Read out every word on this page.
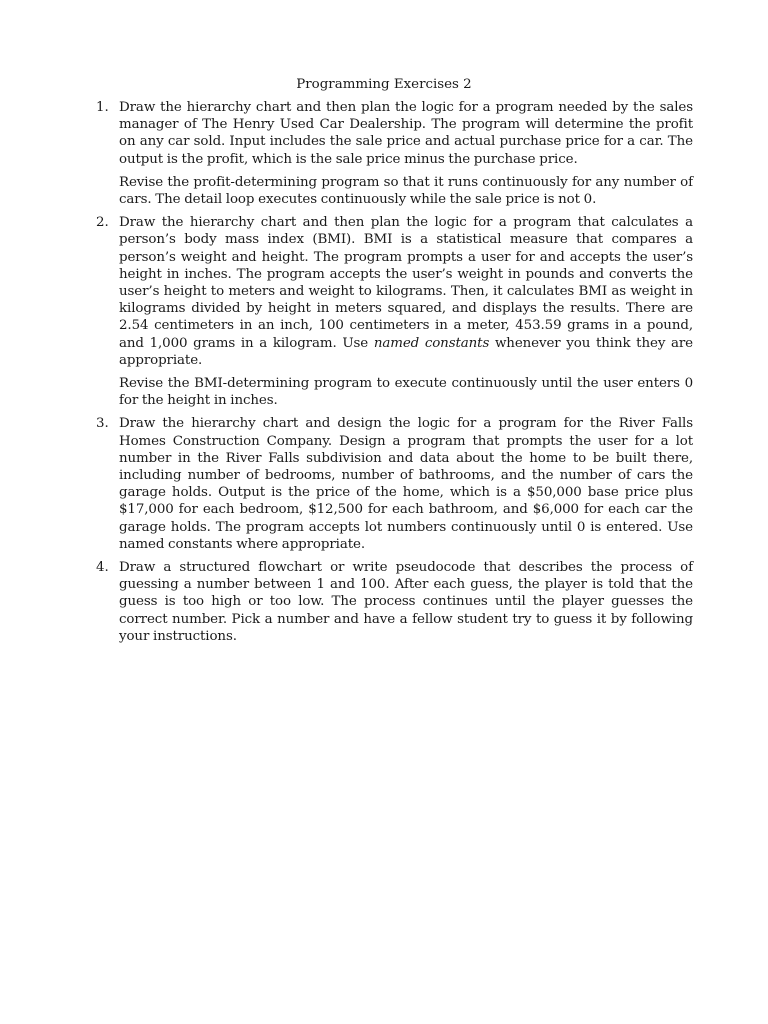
Programming Exercises 2
1. Draw the hierarchy chart and then plan the logic for a program needed by the sales manager of The Henry Used Car Dealership. The program will determine the profit on any car sold. Input includes the sale price and actual purchase price for a car. The output is the profit, which is the sale price minus the purchase price.

Revise the profit-determining program so that it runs continuously for any number of cars. The detail loop executes continuously while the sale price is not 0.

2. Draw the hierarchy chart and then plan the logic for a program that calculates a person’s body mass index (BMI). BMI is a statistical measure that compares a person’s weight and height. The program prompts a user for and accepts the user’s height in inches. The program accepts the user’s weight in pounds and converts the user’s height to meters and weight to kilograms. Then, it calculates BMI as weight in kilograms divided by height in meters squared, and displays the results. There are 2.54 centimeters in an inch, 100 centimeters in a meter, 453.59 grams in a pound, and 1,000 grams in a kilogram. Use named constants whenever you think they are appropriate.

Revise the BMI-determining program to execute continuously until the user enters 0 for the height in inches.

3. Draw the hierarchy chart and design the logic for a program for the River Falls Homes Construction Company. Design a program that prompts the user for a lot number in the River Falls subdivision and data about the home to be built there, including number of bedrooms, number of bathrooms, and the number of cars the garage holds. Output is the price of the home, which is a $50,000 base price plus $17,000 for each bedroom, $12,500 for each bathroom, and $6,000 for each car the garage holds. The program accepts lot numbers continuously until 0 is entered. Use named constants where appropriate.

4. Draw a structured flowchart or write pseudocode that describes the process of guessing a number between 1 and 100. After each guess, the player is told that the guess is too high or too low. The process continues until the player guesses the correct number. Pick a number and have a fellow student try to guess it by following your instructions.
